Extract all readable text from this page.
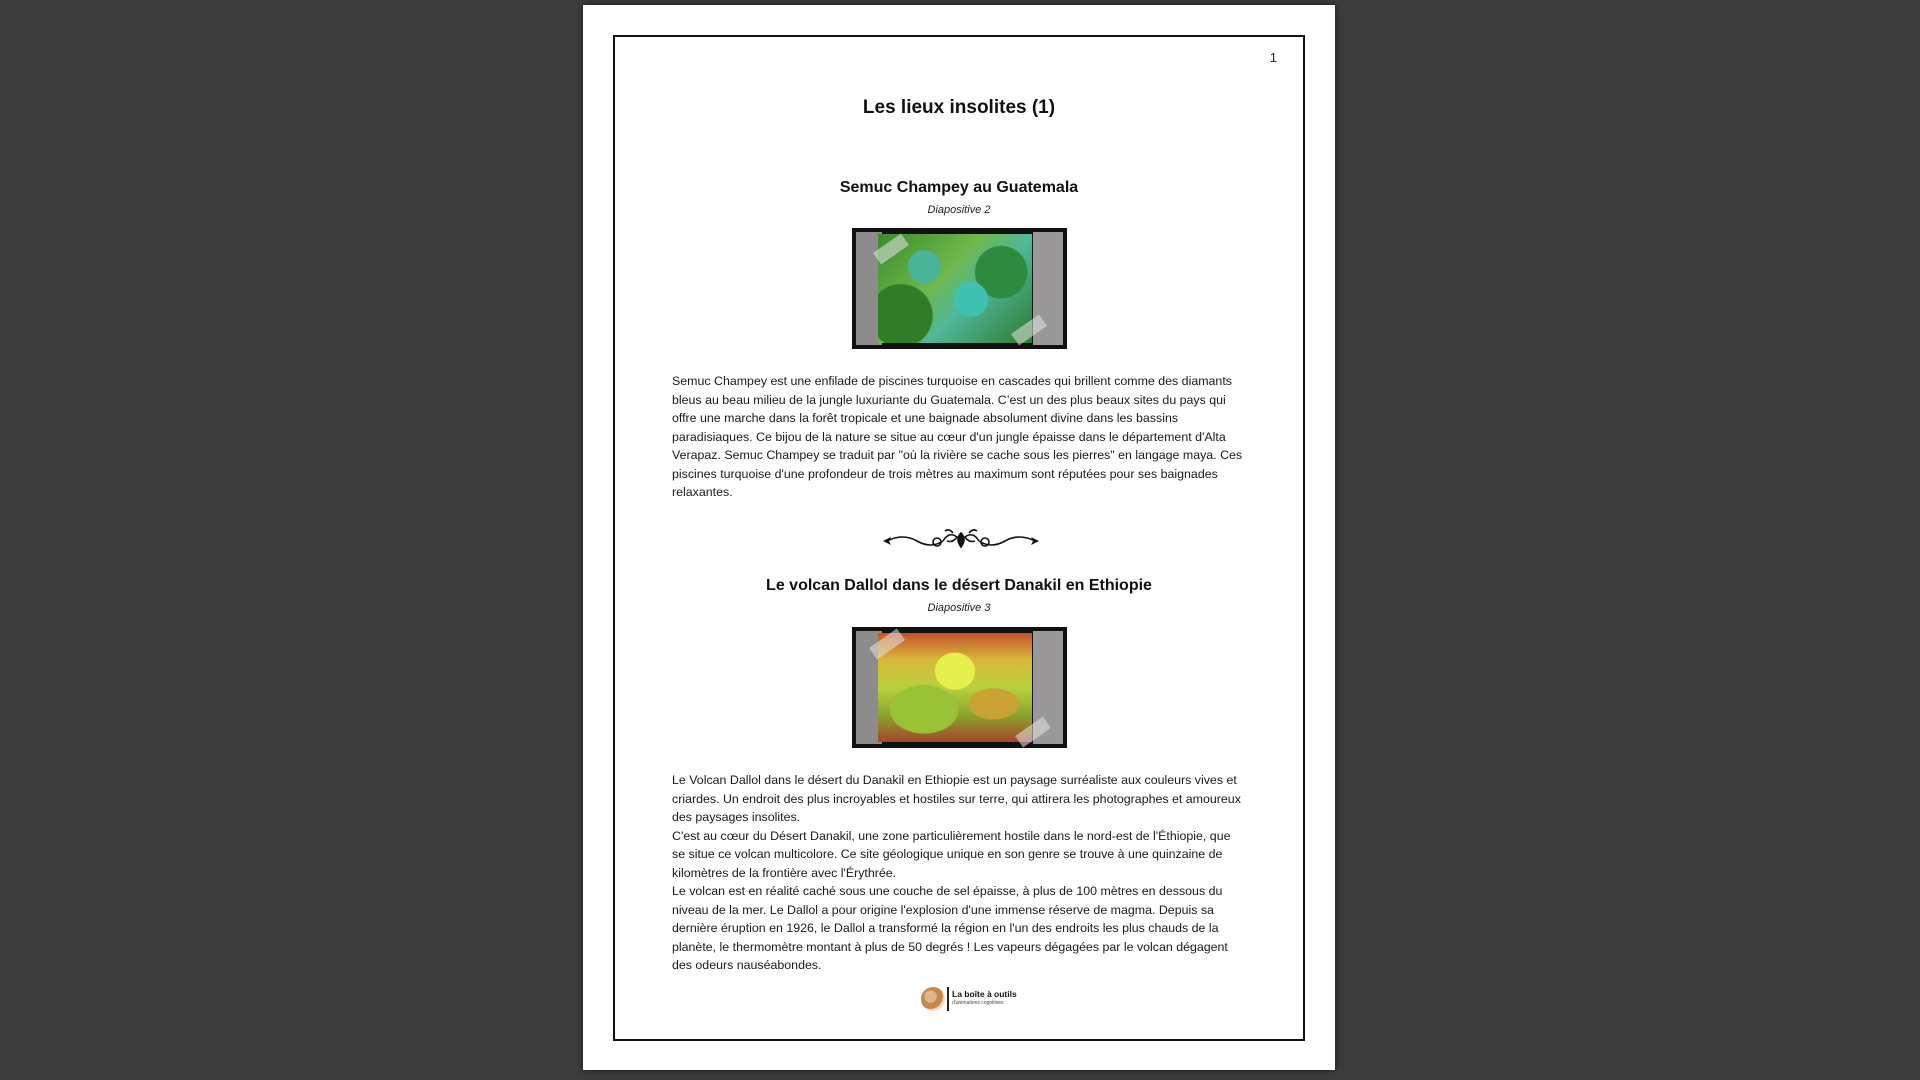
1
Les lieux insolites (1)
Semuc Champey au Guatemala
Diapositive 2

Semuc Champey est une enfilade de piscines turquoise en cascades qui brillent comme des diamants bleus au beau milieu de la jungle luxuriante du Guatemala. C’est un des plus beaux sites du pays qui offre une marche dans la forêt tropicale et une baignade absolument divine dans les bassins paradisiaques. Ce bijou de la nature se situe au cœur d'un jungle épaisse dans le département d'Alta Verapaz. Semuc Champey se traduit par "où la rivière se cache sous les pierres" en langage maya. Ces piscines turquoise d'une profondeur de trois mètres au maximum sont réputées pour ses baignades relaxantes.

Le volcan Dallol dans le désert Danakil en Ethiopie
Diapositive 3

Le Volcan Dallol dans le désert du Danakil en Ethiopie est un paysage surréaliste aux couleurs vives et criardes. Un endroit des plus incroyables et hostiles sur terre, qui attirera les photographes et amoureux des paysages insolites.

C'est au cœur du Désert Danakil, une zone particulièrement hostile dans le nord-est de l'Éthiopie, que se situe ce volcan multicolore. Ce site géologique unique en son genre se trouve à une quinzaine de kilomètres de la frontière avec l'Érythrée.

Le volcan est en réalité caché sous une couche de sel épaisse, à plus de 100 mètres en dessous du niveau de la mer. Le Dallol a pour origine l'explosion d'une immense réserve de magma. Depuis sa dernière éruption en 1926, le Dallol a transformé la région en l'un des endroits les plus chauds de la planète, le thermomètre montant à plus de 50 degrés ! Les vapeurs dégagées par le volcan dégagent des odeurs nauséabondes.

La boîte à outils
d'animations cognitives
